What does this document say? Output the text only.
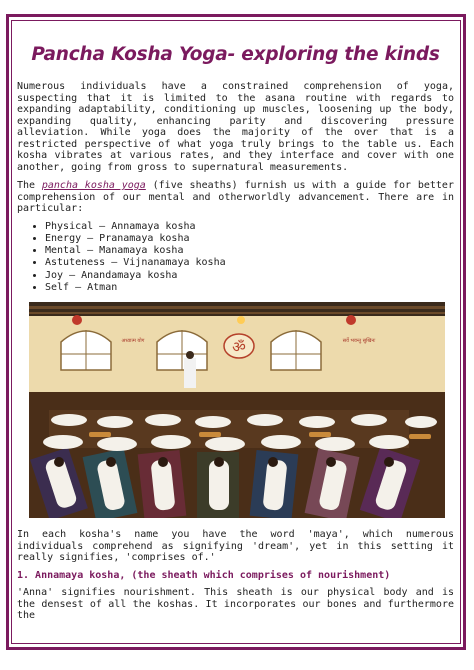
Pancha Kosha Yoga- exploring the kinds

Numerous individuals have a constrained comprehension of yoga, suspecting that it is limited to the asana routine with regards to expanding adaptability, conditioning up muscles, loosening up the body, expanding quality, enhancing parity and discovering pressure alleviation. While yoga does the majority of the over that is a restricted perspective of what yoga truly brings to the table us. Each kosha vibrates at various rates, and they interface and cover with one another, going from gross to supernatural measurements.

The pancha kosha yoga (five sheaths) furnish us with a guide for better comprehension of our mental and otherworldly advancement. There are in particular:

• Physical – Annamaya kosha
• Energy – Pranamaya kosha
• Mental – Manamaya kosha
• Astuteness – Vijnanamaya kosha
• Joy – Anandamaya kosha
• Self – Atman
ॐ
अध्यात्म योग	सर्वे भवन्तु सुखिनः

In each kosha's name you have the word 'maya', which numerous individuals comprehend as signifying 'dream', yet in this setting it really signifies, 'comprises of.'

1. Annamaya kosha, (the sheath which comprises of nourishment)

'Anna' signifies nourishment. This sheath is our physical body and is the densest of all the koshas. It incorporates our bones and furthermore the
